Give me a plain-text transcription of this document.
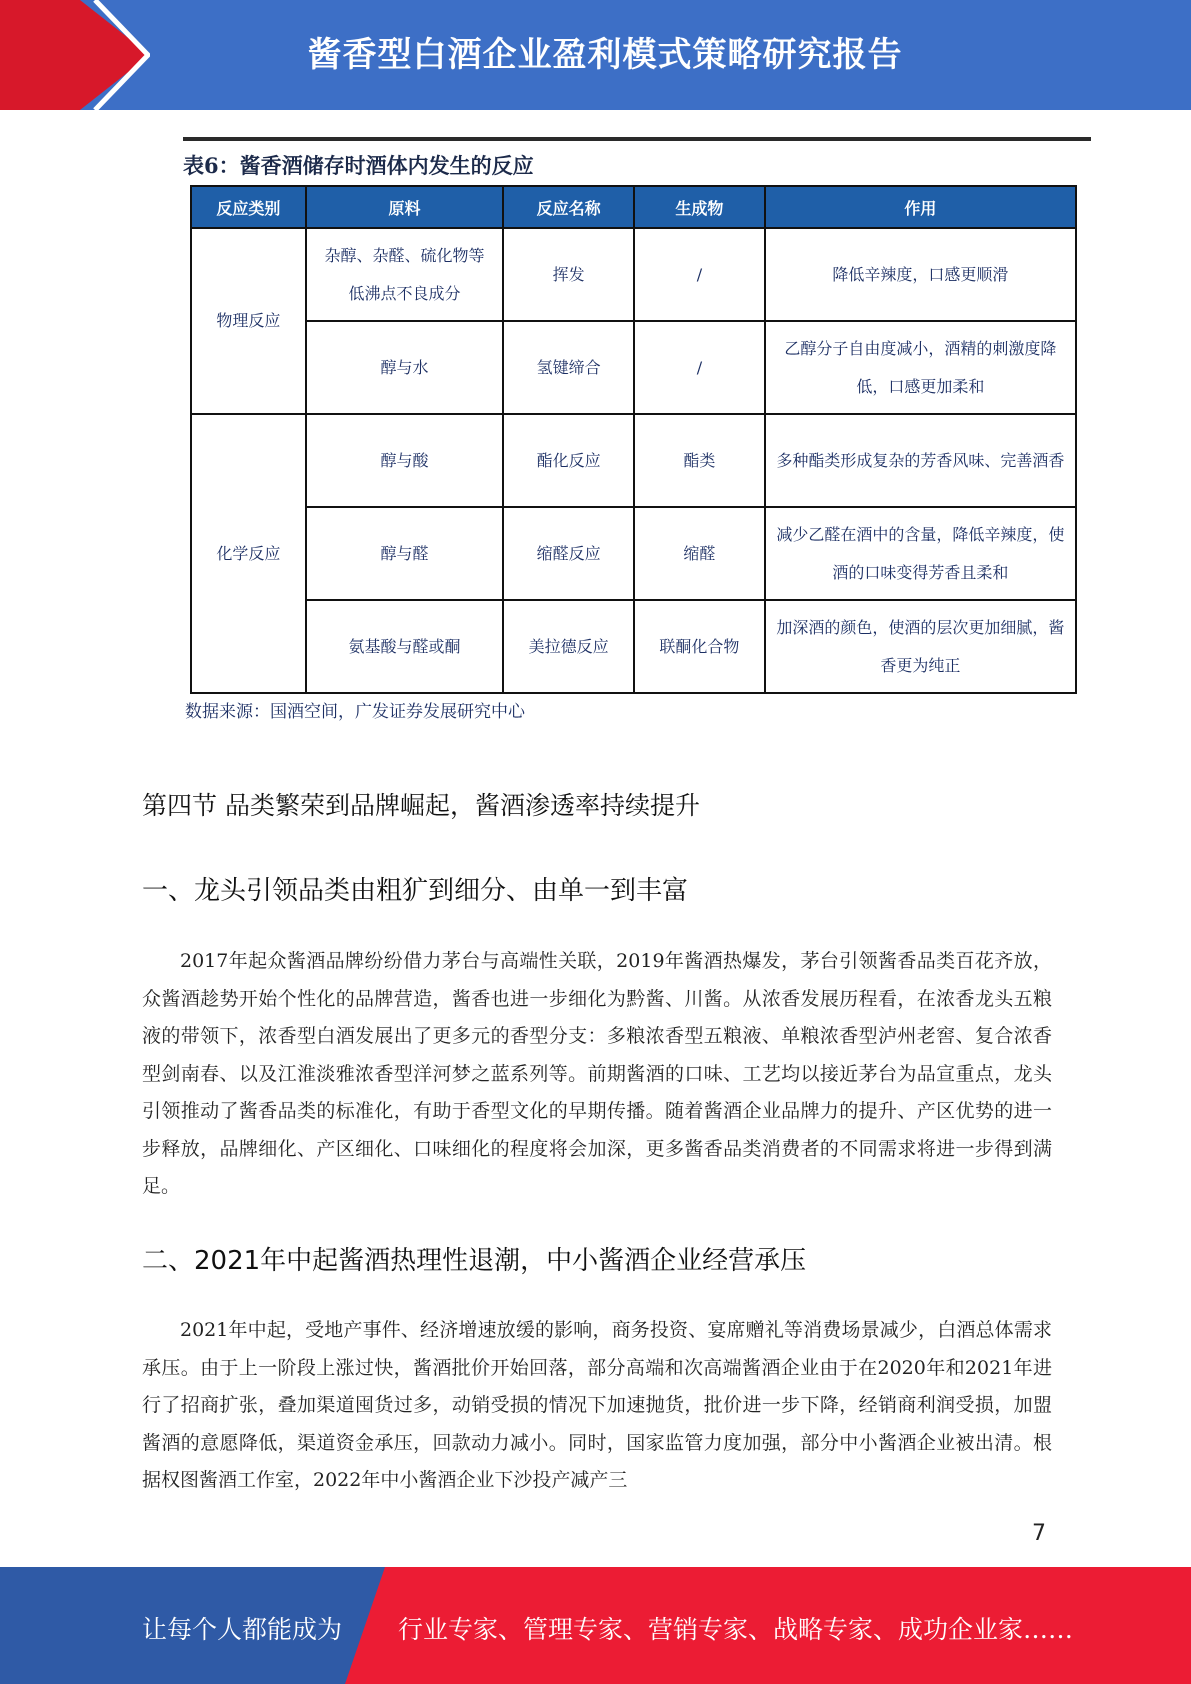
酱香型白酒企业盈利模式策略研究报告
表6：酱香酒储存时酒体内发生的反应
反应类别	原料	反应名称	生成物	作用
物理反应	杂醇、杂醛、硫化物等低沸点不良成分	挥发	/	降低辛辣度，口感更顺滑
	醇与水	氢键缔合	/	乙醇分子自由度减小，酒精的刺激度降低，口感更加柔和
化学反应	醇与酸	酯化反应	酯类	多种酯类形成复杂的芳香风味、完善酒香
	醇与醛	缩醛反应	缩醛	减少乙醛在酒中的含量，降低辛辣度，使酒的口味变得芳香且柔和
	氨基酸与醛或酮	美拉德反应	联酮化合物	加深酒的颜色，使酒的层次更加细腻，酱香更为纯正
数据来源：国酒空间，广发证券发展研究中心
第四节 品类繁荣到品牌崛起，酱酒渗透率持续提升
一、龙头引领品类由粗犷到细分、由单一到丰富

2017年起众酱酒品牌纷纷借力茅台与高端性关联，2019年酱酒热爆发，茅台引领酱香品类百花齐放，众酱酒趁势开始个性化的品牌营造，酱香也进一步细化为黔酱、川酱。从浓香发展历程看，在浓香龙头五粮液的带领下，浓香型白酒发展出了更多元的香型分支：多粮浓香型五粮液、单粮浓香型泸州老窖、复合浓香型剑南春、以及江淮淡雅浓香型洋河梦之蓝系列等。前期酱酒的口味、工艺均以接近茅台为品宣重点，龙头引领推动了酱香品类的标准化，有助于香型文化的早期传播。随着酱酒企业品牌力的提升、产区优势的进一步释放，品牌细化、产区细化、口味细化的程度将会加深，更多酱香品类消费者的不同需求将进一步得到满足。

二、2021年中起酱酒热理性退潮，中小酱酒企业经营承压

2021年中起，受地产事件、经济增速放缓的影响，商务投资、宴席赠礼等消费场景减少，白酒总体需求承压。由于上一阶段上涨过快，酱酒批价开始回落，部分高端和次高端酱酒企业由于在2020年和2021年进行了招商扩张，叠加渠道囤货过多，动销受损的情况下加速抛货，批价进一步下降，经销商利润受损，加盟酱酒的意愿降低，渠道资金承压，回款动力减小。同时，国家监管力度加强，部分中小酱酒企业被出清。根据权图酱酒工作室，2022年中小酱酒企业下沙投产减产三

7
让每个人都能成为 行业专家、管理专家、营销专家、战略专家、成功企业家……
